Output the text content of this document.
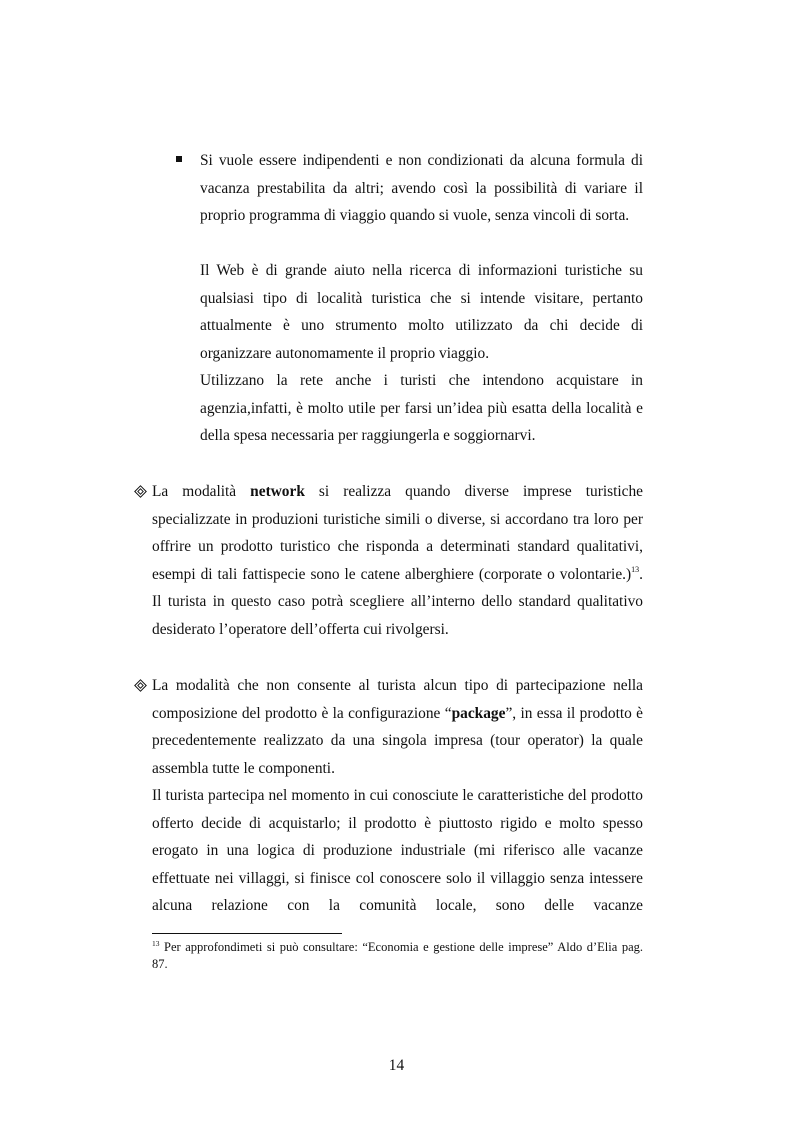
Si vuole essere indipendenti e non condizionati da alcuna formula di vacanza prestabilita da altri; avendo così la possibilità di variare il proprio programma di viaggio quando si vuole, senza vincoli di sorta.

Il Web è di grande aiuto nella ricerca di informazioni turistiche su qualsiasi tipo di località turistica che si intende visitare, pertanto attualmente è uno strumento molto utilizzato da chi decide di organizzare autonomamente il proprio viaggio.

Utilizzano la rete anche i turisti che intendono acquistare in agenzia,infatti, è molto utile per farsi un’idea più esatta della località e della spesa necessaria per raggiungerla e soggiornarvi.

La modalità network si realizza quando diverse imprese turistiche specializzate in produzioni turistiche simili o diverse, si accordano tra loro per offrire un prodotto turistico che risponda a determinati standard qualitativi, esempi di tali fattispecie sono le catene alberghiere (corporate o volontarie.)$^{13}$. Il turista in questo caso potrà scegliere all’interno dello standard qualitativo desiderato l’operatore dell’offerta cui rivolgersi.

La modalità che non consente al turista alcun tipo di partecipazione nella composizione del prodotto è la configurazione “package”, in essa il prodotto è precedentemente realizzato da una singola impresa (tour operator) la quale assembla tutte le componenti.

Il turista partecipa nel momento in cui conosciute le caratteristiche del prodotto offerto decide di acquistarlo; il prodotto è piuttosto rigido e molto spesso erogato in una logica di produzione industriale (mi riferisco alle vacanze effettuate nei villaggi, si finisce col conoscere solo il villaggio senza intessere alcuna relazione con la comunità locale, sono delle vacanze

$^{13}$ Per approfondimeti si può consultare: “Economia e gestione delle imprese” Aldo d’Elia pag. 87.

14
